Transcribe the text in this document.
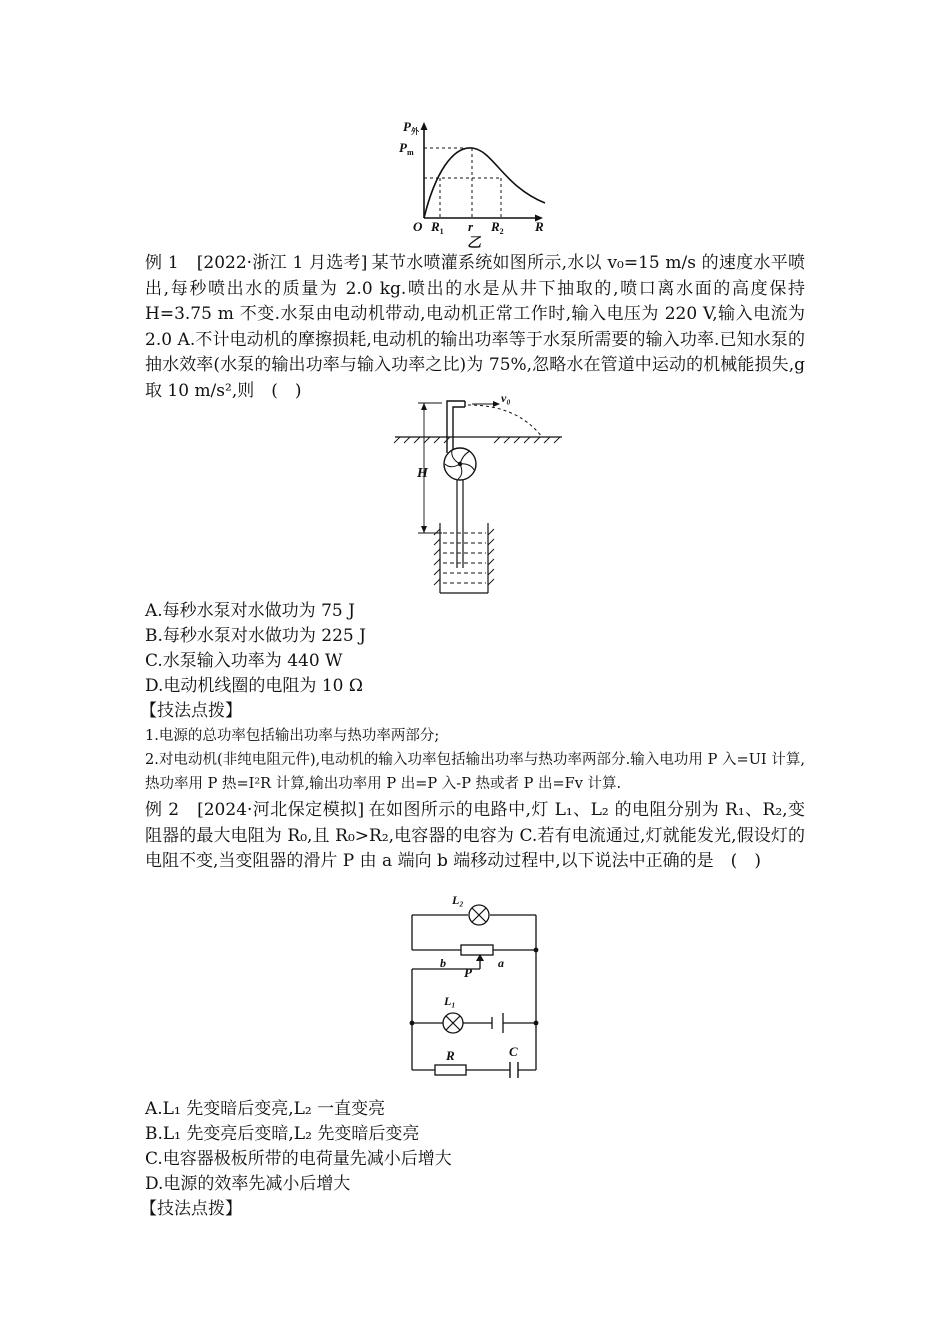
$P_外$
$P_m$
O $R_1$ r $R_2$ R
乙
例 1 [2022·浙江 1 月选考] 某节水喷灌系统如图所示,水以 v₀=15 m/s 的速度水平喷出,每秒喷出水的质量为 2.0 kg.喷出的水是从井下抽取的,喷口离水面的高度保持 H=3.75 m 不变.水泵由电动机带动,电动机正常工作时,输入电压为 220 V,输入电流为 2.0 A.不计电动机的摩擦损耗,电动机的输出功率等于水泵所需要的输入功率.已知水泵的抽水效率(水泵的输出功率与输入功率之比)为 75%,忽略水在管道中运动的机械能损失,g 取 10 m/s²,则　(　)	v₀
H
A.每秒水泵对水做功为 75 J
B.每秒水泵对水做功为 225 J
C.水泵输入功率为 440 W
D.电动机线圈的电阻为 10 Ω
【技法点拨】
1.电源的总功率包括输出功率与热功率两部分;
2.对电动机(非纯电阻元件),电动机的输入功率包括输出功率与热功率两部分.输入电功用 P 入=UI 计算,热功率用 P 热=I²R 计算,输出功率用 P 出=P 入-P 热或者 P 出=Fv 计算.
例 2 [2024·河北保定模拟] 在如图所示的电路中,灯 L₁、L₂ 的电阻分别为 R₁、R₂,变阻器的最大电阻为 R₀,且 R₀>R₂,电容器的电容为 C.若有电流通过,灯就能发光,假设灯的电阻不变,当变阻器的滑片 P 由 a 端向 b 端移动过程中,以下说法中正确的是　(　)
L₂
b	a
P
L₁
R	C
A.L₁ 先变暗后变亮,L₂ 一直变亮
B.L₁ 先变亮后变暗,L₂ 先变暗后变亮
C.电容器极板所带的电荷量先减小后增大
D.电源的效率先减小后增大
【技法点拨】
